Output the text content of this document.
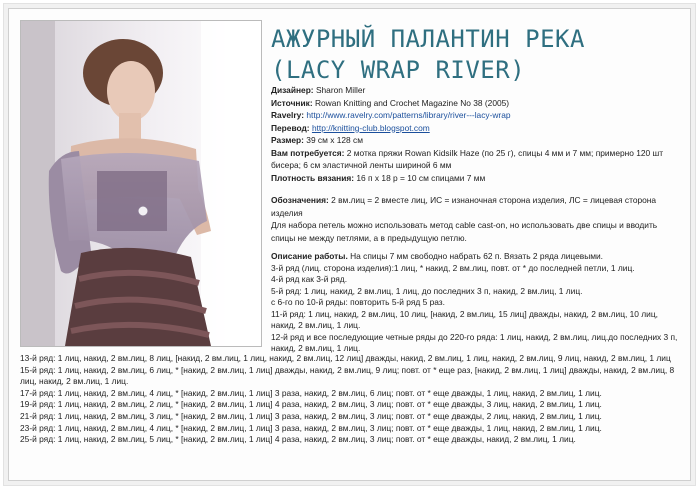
АЖУРНЫЙ ПАЛАНТИН РЕКА
(LACY WRAP RIVER)
Дизайнер: Sharon Miller
Источник: Rowan Knitting and Crochet Magazine No 38 (2005)
Ravelry: http://www.ravelry.com/patterns/library/river---lacy-wrap
Перевод: http://knitting-club.blogspot.com
Размер: 39 см x 128 см
Вам потребуется: 2 мотка пряжи Rowan Kidsilk Haze (по 25 г), спицы 4 мм и 7 мм; примерно 120 шт бисера; 6 см эластичной ленты шириной 6 мм
Плотность вязания: 16 п x 18 р = 10 см спицами 7 мм
Обозначения: 2 вм.лиц = 2 вместе лиц, ИС = изнаночная сторона изделия, ЛС = лицевая сторона изделия
Для набора петель можно использовать метод cable cast-on, но использовать две спицы и вводить спицы не между петлями, а в предыдущую петлю.
Описание работы. На спицы 7 мм свободно набрать 62 п. Вязать 2 ряда лицевыми.
3-й ряд (лиц. сторона изделия):1 лиц, * накид, 2 вм.лиц, повт. от * до последней петли, 1 лиц.
4-й ряд как 3-й ряд.
5-й ряд: 1 лиц, накид, 2 вм.лиц, 1 лиц, до последних 3 п, накид, 2 вм.лиц, 1 лиц.
с 6-го по 10-й ряды: повторить 5-й ряд 5 раз.
11-й ряд: 1 лиц, накид, 2 вм.лиц, 10 лиц, [накид, 2 вм.лиц, 15 лиц] дважды, накид, 2 вм.лиц, 10 лиц, накид, 2 вм.лиц, 1 лиц.
12-й ряд и все последующие четные ряды до 220-го ряда: 1 лиц, накид, 2 вм.лиц, лиц.до последних 3 п, накид, 2 вм.лиц, 1 лиц.
13-й ряд: 1 лиц, накид, 2 вм.лиц, 8 лиц, [накид, 2 вм.лиц, 1 лиц, накид, 2 вм.лиц, 12 лиц] дважды, накид, 2 вм.лиц, 1 лиц, накид, 2 вм.лиц, 9 лиц, накид, 2 вм.лиц, 1 лиц
15-й ряд: 1 лиц, накид, 2 вм.лиц, 6 лиц, * [накид, 2 вм.лиц, 1 лиц] дважды, накид, 2 вм.лиц, 9 лиц; повт. от * еще раз, [накид, 2 вм.лиц, 1 лиц] дважды, накид, 2 вм.лиц, 8 лиц, накид, 2 вм.лиц, 1 лиц.
17-й ряд: 1 лиц, накид, 2 вм.лиц, 4 лиц, * [накид, 2 вм.лиц, 1 лиц] 3 раза, накид, 2 вм.лиц, 6 лиц; повт. от * еще дважды, 1 лиц, накид, 2 вм.лиц, 1 лиц.
19-й ряд: 1 лиц, накид, 2 вм.лиц, 2 лиц, * [накид, 2 вм.лиц, 1 лиц] 4 раза, накид, 2 вм.лиц, 3 лиц; повт. от * еще дважды, 3 лиц, накид, 2 вм.лиц, 1 лиц.
21-й ряд: 1 лиц, накид, 2 вм.лиц, 3 лиц, * [накид, 2 вм.лиц, 1 лиц] 3 раза, накид, 2 вм.лиц, 3 лиц; повт. от * еще дважды, 2 лиц, накид, 2 вм.лиц, 1 лиц.
23-й ряд: 1 лиц, накид, 2 вм.лиц, 4 лиц, * [накид, 2 вм.лиц, 1 лиц] 3 раза, накид, 2 вм.лиц, 3 лиц; повт. от * еще дважды, 1 лиц, накид, 2 вм.лиц, 1 лиц.
25-й ряд: 1 лиц, накид, 2 вм.лиц, 5 лиц, * [накид, 2 вм.лиц, 1 лиц] 4 раза, накид, 2 вм.лиц, 3 лиц; повт. от * еще дважды, накид, 2 вм.лиц, 1 лиц.
